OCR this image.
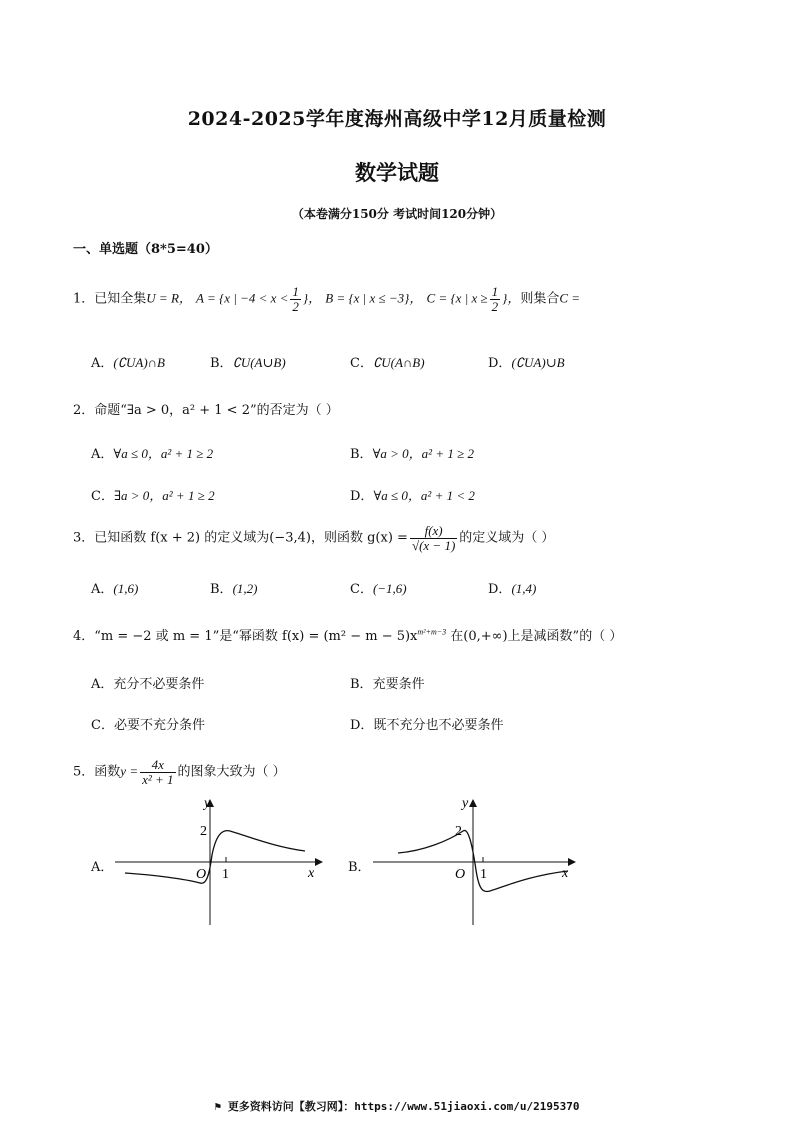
2024-2025学年度海州高级中学12月质量检测
数学试题
（本卷满分150分 考试时间120分钟）
一、单选题（8*5=40）
1．已知全集U = R， A = {x | $-4 < x < \frac{1}{2}$ }， B = {x | x ≤ −3}， C = {x | $x \ge \frac{1}{2}$ }，则集合C =
A．(∁UA)∩B	B．∁U(A∪B)	C．∁U(A∩B)	D．(∁UA)∪B
2．命题“∃a > 0，a² + 1 < 2”的否定为（ ）
A．∀a ≤ 0，a² + 1 ≥ 2	B．∀a > 0，a² + 1 ≥ 2
C．∃a > 0，a² + 1 ≥ 2	D．∀a ≤ 0，a² + 1 < 2
3．已知函数 f(x + 2) 的定义域为(−3,4)，则函数 $g(x) = \frac{f(x)}{√(x - 1)}$ 的定义域为（ ）
A．(1,6)	B．(1,2)	C．(−1,6)	D．(1,4)
4．“m = −2 或 m = 1”是“幂函数 $f(x) = (m^2 - m - 5)x^{m^2+m-3}$ 在(0,+∞)上是减函数”的（ ）
A．充分不必要条件	B．充要条件
C．必要不充分条件	D．既不充分也不必要条件
5．函数$y = \frac{4x}{\text{x² + 1}}$ 的图象大致为（ ）
A．
y
x
O
2
1	B．
y
x
O
2
1
⚑ 更多资料访问【教习网】：https://www.51jiaoxi.com/u/2195370
